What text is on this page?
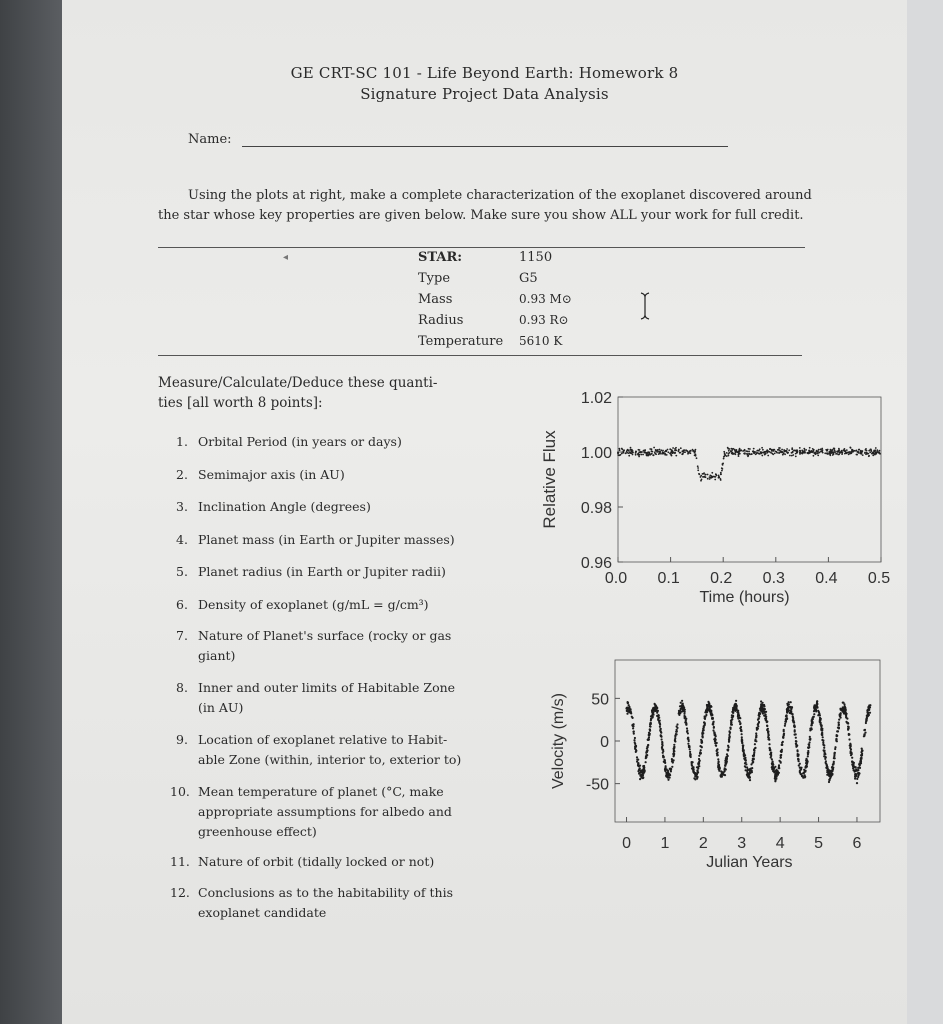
GE CRT-SC 101 - Life Beyond Earth: Homework 8
Signature Project Data Analysis
Name:
Using the plots at right, make a complete characterization of the exoplanet discovered around
the star whose key properties are given below. Make sure you show ALL your work for full credit.
◂	STAR:	1150
Type	G5
Mass	0.93 M⊙
Radius	0.93 R⊙
Temperature 5610 K
Measure/Calculate/Deduce these quanti-
ties [all worth 8 points]:
1. Orbital Period (in years or days)
2. Semimajor axis (in AU)
3. Inclination Angle (degrees)
4. Planet mass (in Earth or Jupiter masses)
5. Planet radius (in Earth or Jupiter radii)
6. Density of exoplanet (g/mL = g/cm³)
7. Nature of Planet's surface (rocky or gas giant)
8. Inner and outer limits of Habitable Zone (in AU)
9. Location of exoplanet relative to Habit-able Zone (within, interior to, exterior to)
10. Mean temperature of planet (°C, make appropriate assumptions for albedo and greenhouse effect)
11. Nature of orbit (tidally locked or not)
12. Conclusions as to the habitability of this exoplanet candidate
1.02
1.00
0.98
0.96
0.0 0.1 0.2 0.3 0.4 0.5
Time (hours)
Relative Flux
50
0
-50
0 1 2 3 4 5 6
Julian Years
Velocity (m/s)
